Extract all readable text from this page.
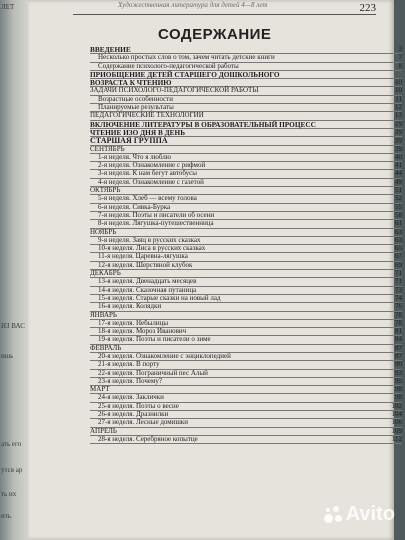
ЛЕТ
ИЗ ВАС
ишь
ать его
утся ар
ть их
ить
Художественная литература для детей 4—8 лет	223
СОДЕРЖАНИЕ
ВВЕДЕНИЕ	3
Несколько простых слов о том, зачем читать детские книги	7
Содержание психолого-педагогической работы	8
ПРИОБЩЕНИЕ ДЕТЕЙ СТАРШЕГО ДОШКОЛЬНОГО
ВОЗРАСТА К ЧТЕНИЮ	10
ЗАДАЧИ ПСИХОЛОГО-ПЕДАГОГИЧЕСКОЙ РАБОТЫ	10
Возрастные особенности	11
Планируемые результаты	12
ПЕДАГОГИЧЕСКИЕ ТЕХНОЛОГИИ	13
ВКЛЮЧЕНИЕ ЛИТЕРАТУРЫ В ОБРАЗОВАТЕЛЬНЫЙ ПРОЦЕСС	19
ЧТЕНИЕ ИЗО ДНЯ В ДЕНЬ	39
СТАРШАЯ ГРУППА	39
СЕНТЯБРЬ	39
1-я неделя. Что я люблю	40
2-я неделя. Ознакомление с рифмой	41
3-я неделя. К нам бегут автобусы	44
4-я неделя. Ознакомление с газетой	49
ОКТЯБРЬ	51
5-я неделя. Хлеб — всему голова	52
6-я неделя. Сивка-Бурка	55
7-я неделя. Поэты и писатели об осени	58
8-я неделя. Лягушка-путешественница	61
НОЯБРЬ	63
9-я неделя. Заяц в русских сказках	63
10-я неделя. Лиса в русских сказках	65
11-я неделя. Царевна-лягушка	67
12-я неделя. Шерстяной клубок	69
ДЕКАБРЬ	71
13-я неделя. Двенадцать месяцев	71
14-я неделя. Сказочная путаница	73
15-я неделя. Старые сказки на новый лад	74
16-я неделя. Колядки	76
ЯНВАРЬ	78
17-я неделя. Небылицы	78
18-я неделя. Мороз Иванович	81
19-я неделя. Поэты и писатели о зиме	84
ФЕВРАЛЬ	87
20-я неделя. Ознакомление с энциклопедией	87
21-я неделя. В порту	90
22-я неделя. Пограничный пес Алый	93
23-я неделя. Почему?	95
МАРТ	98
24-я неделя. Заклички	98
25-я неделя. Поэты о весне	102
26-я неделя. Дразнилки	104
27-я неделя. Лесные домишки	106
АПРЕЛЬ	109
28-я неделя. Серебряное копытце	112
Avito
